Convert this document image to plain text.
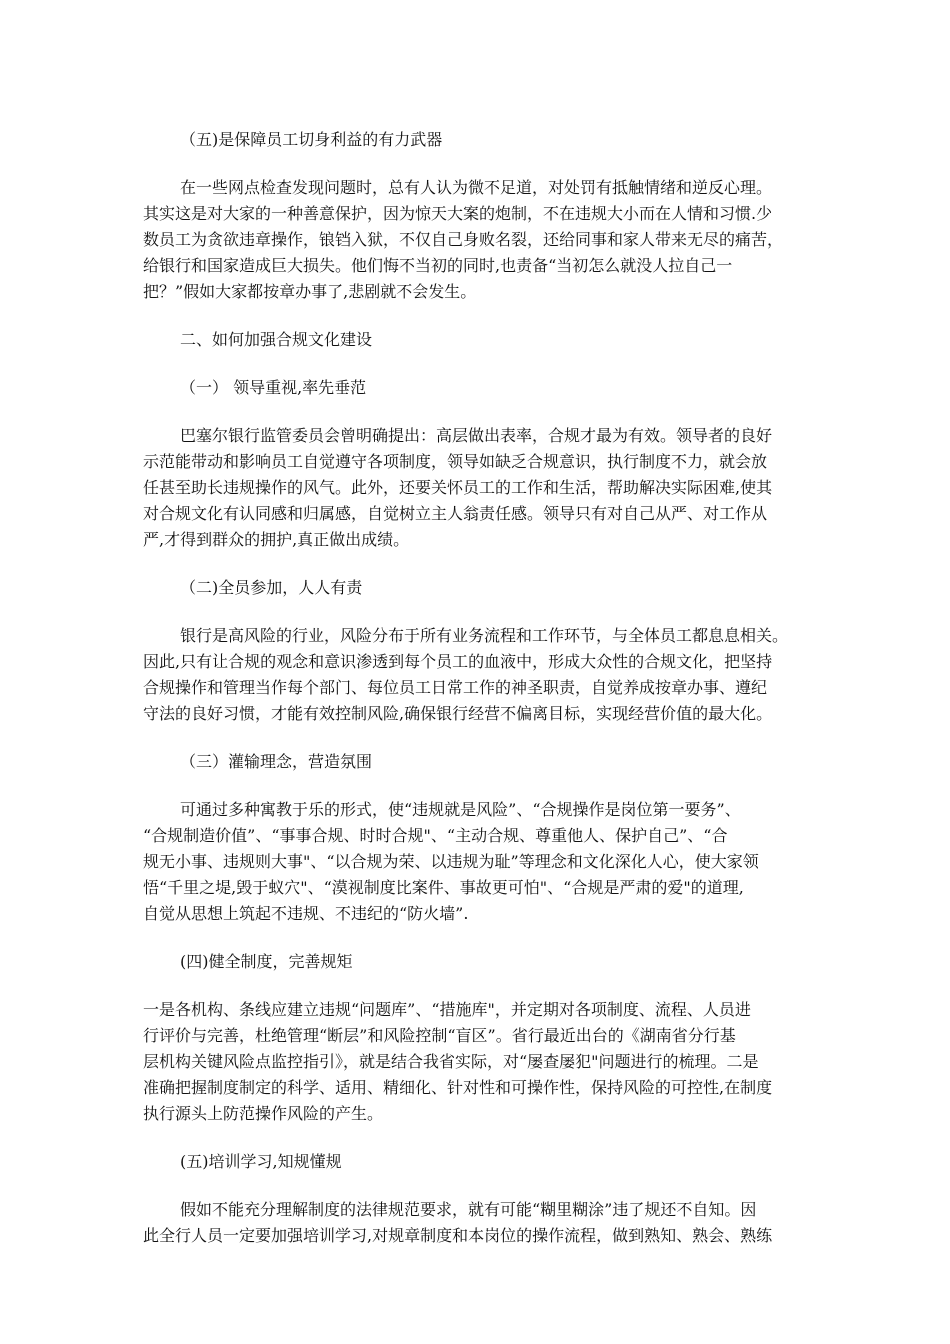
（五)是保障员工切身利益的有力武器
在一些网点检查发现问题时，总有人认为微不足道，对处罚有抵触情绪和逆反心理。
其实这是对大家的一种善意保护，因为惊天大案的炮制，不在违规大小而在人情和习惯.少
数员工为贪欲违章操作，锒铛入狱，不仅自己身败名裂，还给同事和家人带来无尽的痛苦，
给银行和国家造成巨大损失。他们悔不当初的同时,也责备“当初怎么就没人拉自己一
把？”假如大家都按章办事了,悲剧就不会发生。
二、如何加强合规文化建设
（一） 领导重视,率先垂范
巴塞尔银行监管委员会曾明确提出：高层做出表率，合规才最为有效。领导者的良好
示范能带动和影响员工自觉遵守各项制度，领导如缺乏合规意识，执行制度不力，就会放
任甚至助长违规操作的风气。此外，还要关怀员工的工作和生活，帮助解决实际困难,使其
对合规文化有认同感和归属感，自觉树立主人翁责任感。领导只有对自己从严、对工作从
严,才得到群众的拥护,真正做出成绩。
（二)全员参加，人人有责
银行是高风险的行业，风险分布于所有业务流程和工作环节，与全体员工都息息相关。
因此,只有让合规的观念和意识渗透到每个员工的血液中，形成大众性的合规文化，把坚持
合规操作和管理当作每个部门、每位员工日常工作的神圣职责，自觉养成按章办事、遵纪
守法的良好习惯，才能有效控制风险,确保银行经营不偏离目标，实现经营价值的最大化。
（三）灌输理念，营造氛围
可通过多种寓教于乐的形式，使“违规就是风险”、“合规操作是岗位第一要务”、
“合规制造价值”、“事事合规、时时合规"、“主动合规、尊重他人、保护自己”、“合
规无小事、违规则大事"、“以合规为荣、以违规为耻”等理念和文化深化人心，使大家领
悟“千里之堤,毁于蚁穴"、“漠视制度比案件、事故更可怕"、“合规是严肃的爱"的道理,
自觉从思想上筑起不违规、不违纪的“防火墙”.
(四)健全制度，完善规矩
一是各机构、条线应建立违规“问题库”、“措施库"，并定期对各项制度、流程、人员进
行评价与完善，杜绝管理“断层”和风险控制“盲区”。省行最近出台的《湖南省分行基
层机构关键风险点监控指引》，就是结合我省实际，对“屡查屡犯"问题进行的梳理。二是
准确把握制度制定的科学、适用、精细化、针对性和可操作性，保持风险的可控性,在制度
执行源头上防范操作风险的产生。
(五)培训学习,知规懂规
假如不能充分理解制度的法律规范要求，就有可能“糊里糊涂”违了规还不自知。因
此全行人员一定要加强培训学习,对规章制度和本岗位的操作流程，做到熟知、熟会、熟练
